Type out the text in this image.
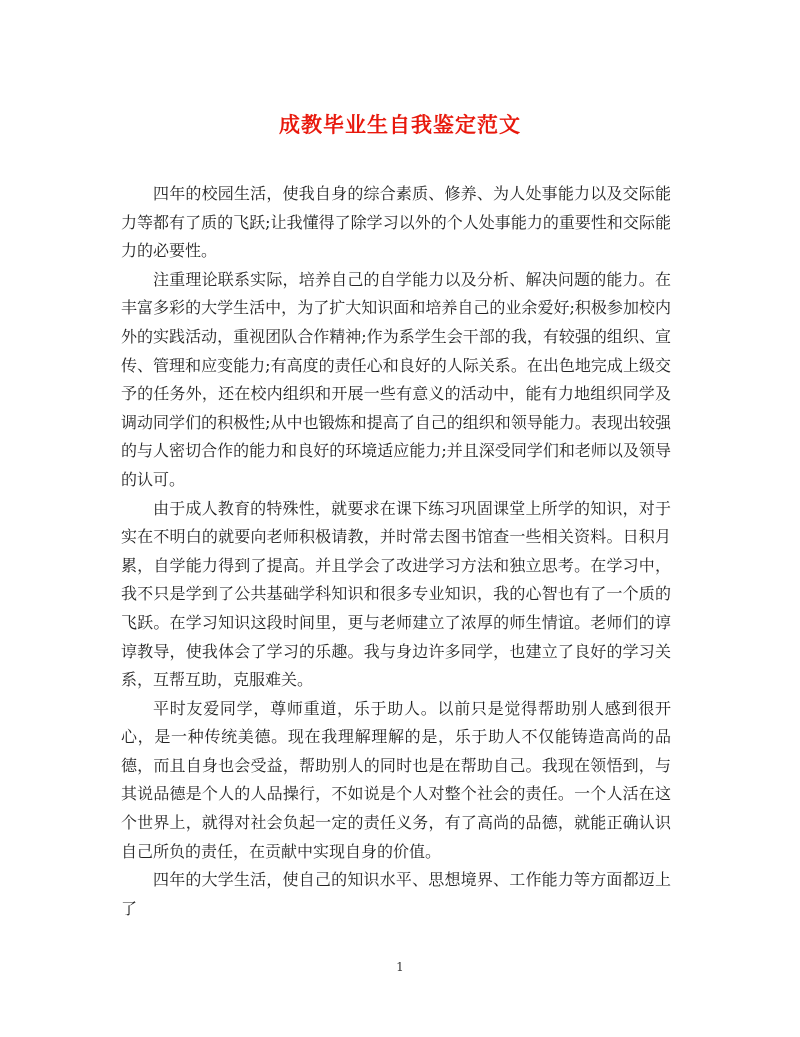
成教毕业生自我鉴定范文

四年的校园生活，使我自身的综合素质、修养、为人处事能力以及交际能力等都有了质的飞跃;让我懂得了除学习以外的个人处事能力的重要性和交际能力的必要性。

注重理论联系实际，培养自己的自学能力以及分析、解决问题的能力。在丰富多彩的大学生活中，为了扩大知识面和培养自己的业余爱好;积极参加校内外的实践活动，重视团队合作精神;作为系学生会干部的我，有较强的组织、宣传、管理和应变能力;有高度的责任心和良好的人际关系。在出色地完成上级交予的任务外，还在校内组织和开展一些有意义的活动中，能有力地组织同学及调动同学们的积极性;从中也锻炼和提高了自己的组织和领导能力。表现出较强的与人密切合作的能力和良好的环境适应能力;并且深受同学们和老师以及领导的认可。

由于成人教育的特殊性，就要求在课下练习巩固课堂上所学的知识，对于实在不明白的就要向老师积极请教，并时常去图书馆查一些相关资料。日积月累，自学能力得到了提高。并且学会了改进学习方法和独立思考。在学习中，我不只是学到了公共基础学科知识和很多专业知识，我的心智也有了一个质的飞跃。在学习知识这段时间里，更与老师建立了浓厚的师生情谊。老师们的谆谆教导，使我体会了学习的乐趣。我与身边许多同学，也建立了良好的学习关系，互帮互助，克服难关。

平时友爱同学，尊师重道，乐于助人。以前只是觉得帮助别人感到很开心，是一种传统美德。现在我理解理解的是，乐于助人不仅能铸造高尚的品德，而且自身也会受益，帮助别人的同时也是在帮助自己。我现在领悟到，与其说品德是个人的人品操行，不如说是个人对整个社会的责任。一个人活在这个世界上，就得对社会负起一定的责任义务，有了高尚的品德，就能正确认识自己所负的责任，在贡献中实现自身的价值。

四年的大学生活，使自己的知识水平、思想境界、工作能力等方面都迈上了

1
